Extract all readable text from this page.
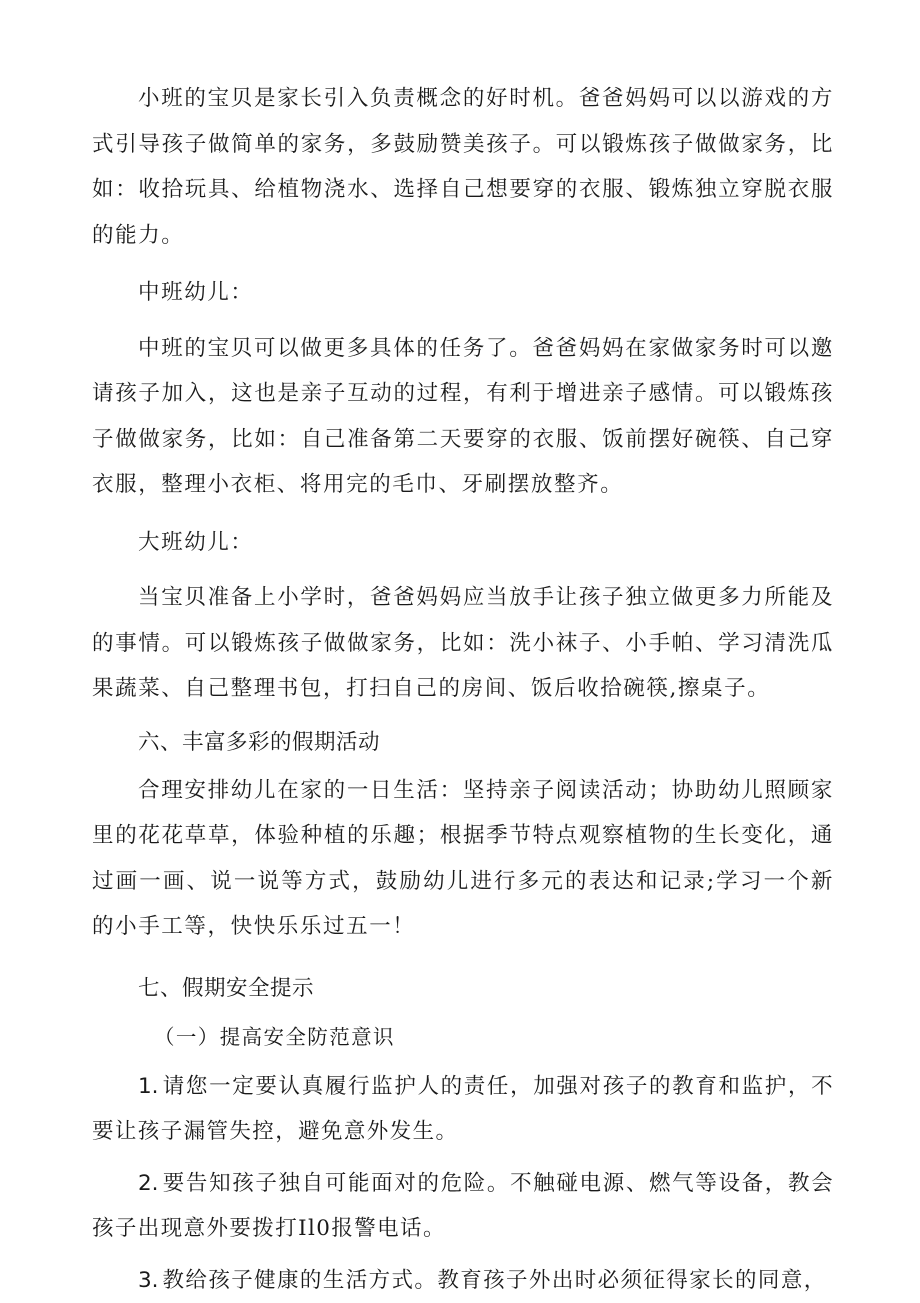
小班的宝贝是家长引入负责概念的好时机。爸爸妈妈可以以游戏的方式引导孩子做简单的家务，多鼓励赞美孩子。可以锻炼孩子做做家务，比如：收拾玩具、给植物浇水、选择自己想要穿的衣服、锻炼独立穿脱衣服的能力。

中班幼儿：

中班的宝贝可以做更多具体的任务了。爸爸妈妈在家做家务时可以邀请孩子加入，这也是亲子互动的过程，有利于增进亲子感情。可以锻炼孩子做做家务，比如：自己准备第二天要穿的衣服、饭前摆好碗筷、自己穿衣服，整理小衣柜、将用完的毛巾、牙刷摆放整齐。

大班幼儿：

当宝贝准备上小学时，爸爸妈妈应当放手让孩子独立做更多力所能及的事情。可以锻炼孩子做做家务，比如：洗小袜子、小手帕、学习清洗瓜果蔬菜、自己整理书包，打扫自己的房间、饭后收拾碗筷,擦桌子。

六、丰富多彩的假期活动

合理安排幼儿在家的一日生活：坚持亲子阅读活动；协助幼儿照顾家里的花花草草，体验种植的乐趣；根据季节特点观察植物的生长变化，通过画一画、说一说等方式，鼓励幼儿进行多元的表达和记录;学习一个新的小手工等，快快乐乐过五一！

七、假期安全提示

（一）提高安全防范意识

1. 请您一定要认真履行监护人的责任，加强对孩子的教育和监护，不要让孩子漏管失控，避免意外发生。

2. 要告知孩子独自可能面对的危险。不触碰电源、燃气等设备，教会孩子出现意外要拨打Il0报警电话。

3. 教给孩子健康的生活方式。教育孩子外出时必须征得家长的同意，
